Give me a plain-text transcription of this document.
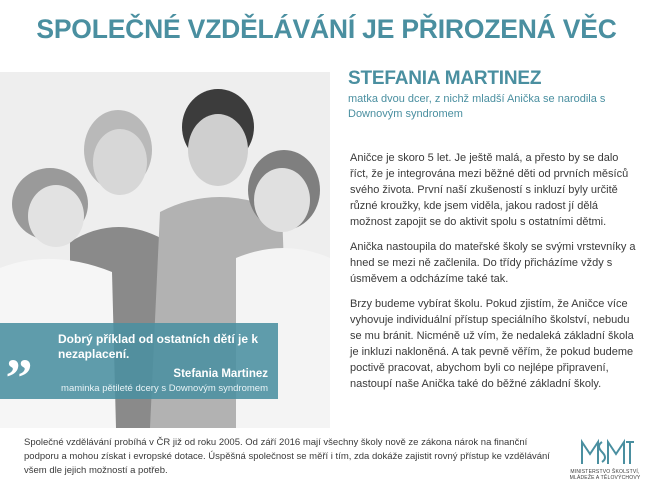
SPOLEČNÉ VZDĚLÁVÁNÍ JE PŘIROZENÁ VĚC
„ Dobrý příklad od ostatních dětí je k nezaplacení.
Stefania Martinez
maminka pětileté dcery s Downovým syndromem
STEFANIA MARTINEZ
matka dvou dcer, z nichž mladší Anička se narodila s Downovým syndromem

Aničce je skoro 5 let. Je ještě malá, a přesto by se dalo říct, že je integrována mezi běžné děti od prvních měsíců svého života. První naší zkušeností s inkluzí byly určitě různé kroužky, kde jsem viděla, jakou radost jí dělá možnost zapojit se do aktivit spolu s ostatními dětmi.

Anička nastoupila do mateřské školy se svými vrstevníky a hned se mezi ně začlenila. Do třídy přicházíme vždy s úsměvem a odcházíme také tak.

Brzy budeme vybírat školu. Pokud zjistím, že Aničce více vyhovuje individuální přístup speciálního školství, nebudu se mu bránit. Nicméně už vím, že nedaleká základní škola je inkluzi nakloněná. A tak pevně věřím, že pokud budeme poctivě pracovat, abychom byli co nejlépe připravení, nastoupí naše Anička také do běžné základní školy.

Společné vzdělávání probíhá v ČR již od roku 2005. Od září 2016 mají všechny školy nově ze zákona nárok na finanční podporu a mohou získat i evropské dotace. Úspěšná společnost se měří i tím, zda dokáže zajistit rovný přístup ke vzdělávání všem dle jejich možností a potřeb.	MINISTERSTVO ŠKOLSTVÍ, MLÁDEŽE A TĚLOVÝCHOVY
